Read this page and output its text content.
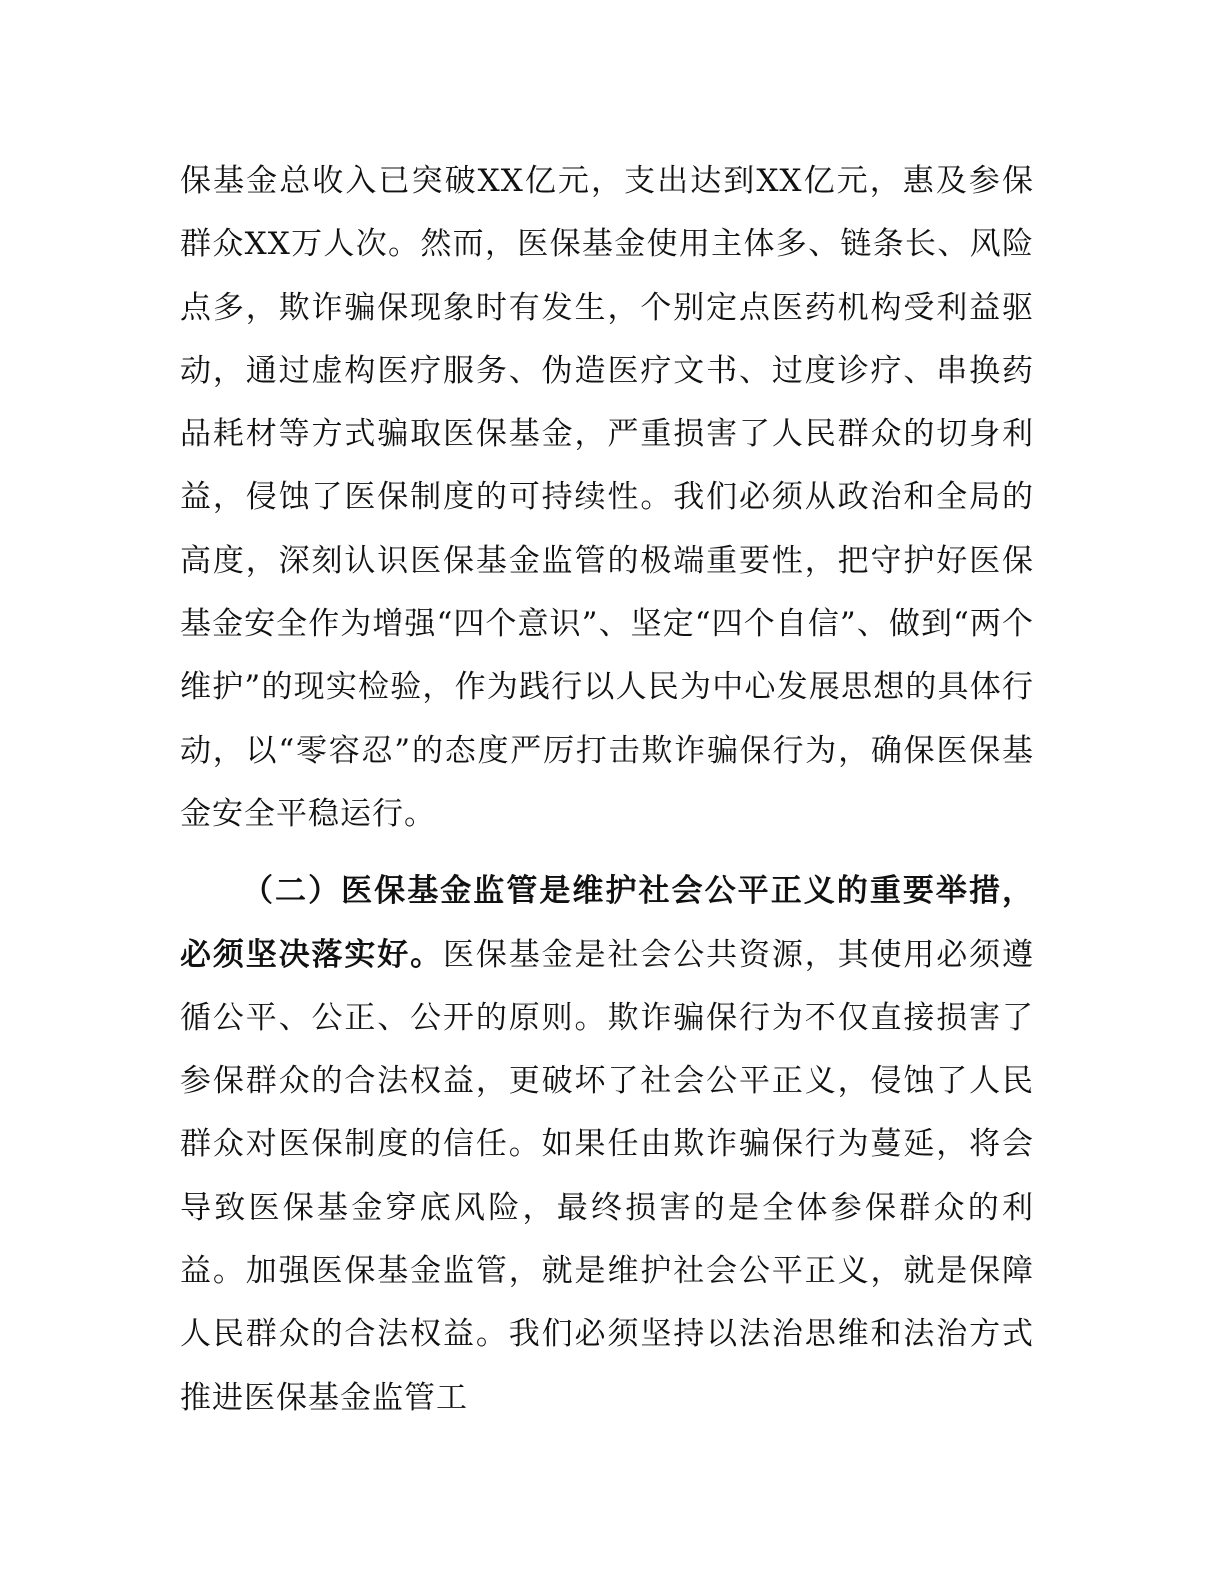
保基金总收入已突破XX亿元，支出达到XX亿元，惠及参保群众XX万人次。然而，医保基金使用主体多、链条长、风险点多，欺诈骗保现象时有发生，个别定点医药机构受利益驱动，通过虚构医疗服务、伪造医疗文书、过度诊疗、串换药品耗材等方式骗取医保基金，严重损害了人民群众的切身利益，侵蚀了医保制度的可持续性。我们必须从政治和全局的高度，深刻认识医保基金监管的极端重要性，把守护好医保基金安全作为增强“四个意识”、坚定“四个自信”、做到“两个维护”的现实检验，作为践行以人民为中心发展思想的具体行动，以“零容忍”的态度严厉打击欺诈骗保行为，确保医保基金安全平稳运行。

（二）医保基金监管是维护社会公平正义的重要举措，必须坚决落实好。医保基金是社会公共资源，其使用必须遵循公平、公正、公开的原则。欺诈骗保行为不仅直接损害了参保群众的合法权益，更破坏了社会公平正义，侵蚀了人民群众对医保制度的信任。如果任由欺诈骗保行为蔓延，将会导致医保基金穿底风险，最终损害的是全体参保群众的利益。加强医保基金监管，就是维护社会公平正义，就是保障人民群众的合法权益。我们必须坚持以法治思维和法治方式推进医保基金监管工
